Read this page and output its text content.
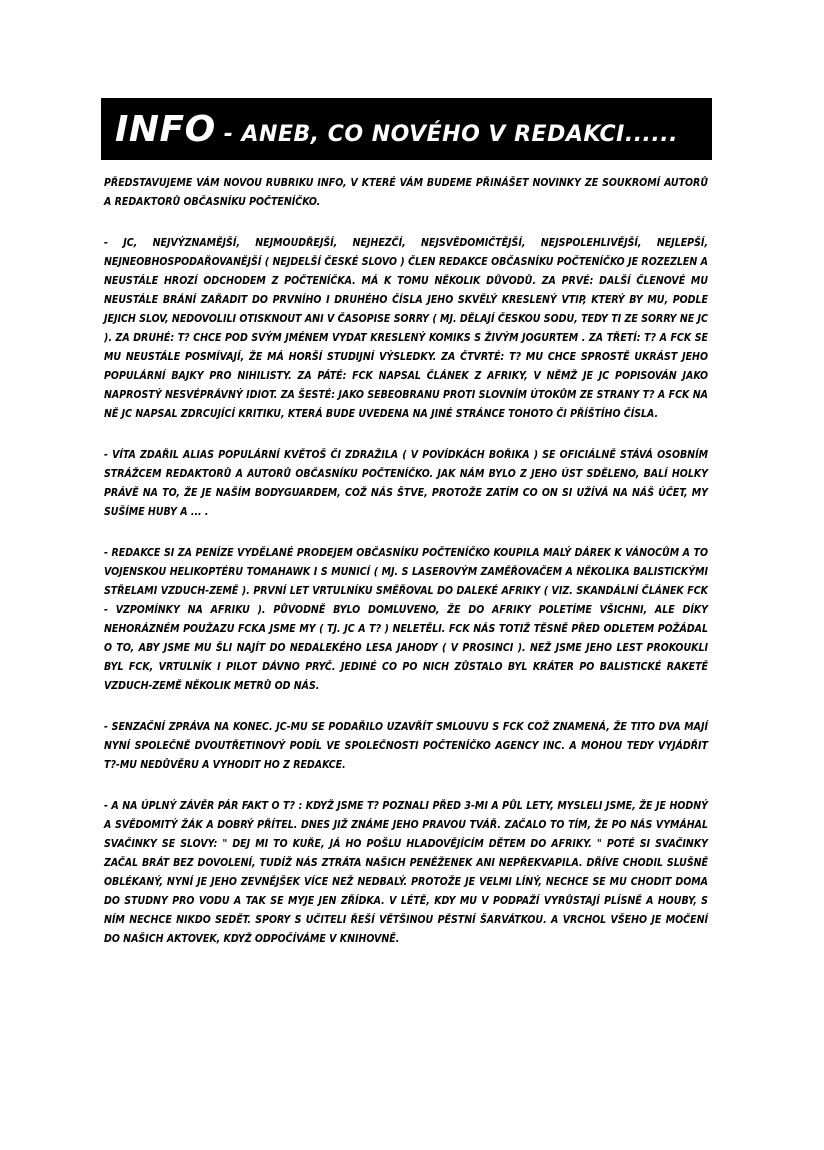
INFO - ANEB, CO NOVÉHO V REDAKCI......

PŘEDSTAVUJEME VÁM NOVOU RUBRIKU INFO, V KTERÉ VÁM BUDEME PŘINÁŠET NOVINKY ZE SOUKROMÍ AUTORŮ A REDAKTORŮ OBČASNÍKU POČTENÍČKO.

- JC, NEJVÝZNAMĚJŠÍ, NEJMOUDŘEJŠÍ, NEJHEZČÍ, NEJSVĚDOMIČTĚJŠÍ, NEJSPOLEHLIVĚJŠÍ, NEJLEPŠÍ, NEJNEOBHOSPODAŘOVANĚJŠÍ ( NEJDELŠÍ ČESKÉ SLOVO ) ČLEN REDAKCE OBČASNÍKU POČTENÍČKO JE ROZEZLEN A NEUSTÁLE HROZÍ ODCHODEM Z POČTENÍČKA. MÁ K TOMU NĚKOLIK DŮVODŮ. ZA PRVÉ: DALŠÍ ČLENOVÉ MU NEUSTÁLE BRÁNÍ ZAŘADIT DO PRVNÍHO I DRUHÉHO ČÍSLA JEHO SKVĚLÝ KRESLENÝ VTIP, KTERÝ BY MU, PODLE JEJICH SLOV, NEDOVOLILI OTISKNOUT ANI V ČASOPISE SORRY ( MJ. DĚLAJÍ ČESKOU SODU, TEDY TI ZE SORRY NE JC ). ZA DRUHÉ: T? CHCE POD SVÝM JMÉNEM VYDAT KRESLENÝ KOMIKS S ŽIVÝM JOGURTEM . ZA TŘETÍ: T? A FCK SE MU NEUSTÁLE POSMÍVAJÍ, ŽE MÁ HORŠÍ STUDIJNÍ VÝSLEDKY. ZA ČTVRTÉ: T? MU CHCE SPROSTĚ UKRÁST JEHO POPULÁRNÍ BAJKY PRO NIHILISTY. ZA PÁTÉ: FCK NAPSAL ČLÁNEK Z AFRIKY, V NĚMŽ JE JC POPISOVÁN JAKO NAPROSTÝ NESVÉPRÁVNÝ IDIOT. ZA ŠESTÉ: JAKO SEBEOBRANU PROTI SLOVNÍM ÚTOKŮM ZE STRANY T? A FCK NA NĚ JC NAPSAL ZDRCUJÍCÍ KRITIKU, KTERÁ BUDE UVEDENA NA JINÉ STRÁNCE TOHOTO ČI PŘÍŠTÍHO ČÍSLA.

- VÍTA ZDAŘIL ALIAS POPULÁRNÍ KVĚTOŠ ČI ZDRAŽILA ( V POVÍDKÁCH BOŘIKA ) SE OFICIÁLNĚ STÁVÁ OSOBNÍM STRÁŽCEM REDAKTORŮ A AUTORŮ OBČASNÍKU POČTENÍČKO. JAK NÁM BYLO Z JEHO ÚST SDĚLENO, BALÍ HOLKY PRÁVĚ NA TO, ŽE JE NAŠÍM BODYGUARDEM, COŽ NÁS ŠTVE, PROTOŽE ZATÍM CO ON SI UŽÍVÁ NA NÁŠ ÚČET, MY SUŠÍME HUBY A ... .

- REDAKCE SI ZA PENÍZE VYDĚLANÉ PRODEJEM OBČASNÍKU POČTENÍČKO KOUPILA MALÝ DÁREK K VÁNOCŮM A TO VOJENSKOU HELIKOPTÉRU TOMAHAWK I S MUNICÍ ( MJ. S LASEROVÝM ZAMĚŘOVAČEM A NĚKOLIKA BALISTICKÝMI STŘELAMI VZDUCH-ZEMĚ ). PRVNÍ LET VRTULNÍKU SMĚŘOVAL DO DALEKÉ AFRIKY ( VIZ. SKANDÁLNÍ ČLÁNEK FCK - VZPOMÍNKY NA AFRIKU ). PŮVODNĚ BYLO DOMLUVENO, ŽE DO AFRIKY POLETÍME VŠICHNI, ALE DÍKY NEHORÁZNÉM POUŽAZU FCKA JSME MY ( TJ. JC A T? ) NELETĚLI. FCK NÁS TOTIŽ TĚSNĚ PŘED ODLETEM POŽÁDAL O TO, ABY JSME MU ŠLI NAJÍT DO NEDALEKÉHO LESA JAHODY ( V PROSINCI ). NEŽ JSME JEHO LEST PROKOUKLI BYL FCK, VRTULNÍK I PILOT DÁVNO PRYČ. JEDINÉ CO PO NICH ZŮSTALO BYL KRÁTER PO BALISTICKÉ RAKETĚ VZDUCH-ZEMĚ NĚKOLIK METRŮ OD NÁS.

- SENZAČNÍ ZPRÁVA NA KONEC. JC-MU SE PODAŘILO UZAVŘÍT SMLOUVU S FCK COŽ ZNAMENÁ, ŽE TITO DVA MAJÍ NYNÍ SPOLEČNĚ DVOUTŘETINOVÝ PODÍL VE SPOLEČNOSTI POČTENÍČKO AGENCY INC. A MOHOU TEDY VYJÁDŘIT T?-MU NEDŮVĚRU A VYHODIT HO Z REDAKCE.

- A NA ÚPLNÝ ZÁVĚR PÁR FAKT O T? : KDYŽ JSME T? POZNALI PŘED 3-MI A PŮL LETY, MYSLELI JSME, ŽE JE HODNÝ A SVĚDOMITÝ ŽÁK A DOBRÝ PŘÍTEL. DNES JIŽ ZNÁME JEHO PRAVOU TVÁŘ. ZAČALO TO TÍM, ŽE PO NÁS VYMÁHAL SVAČINKY SE SLOVY: " DEJ MI TO KUŘE, JÁ HO POŠLU HLADOVĚJÍCÍM DĚTEM DO AFRIKY. " POTÉ SI SVAČINKY ZAČAL BRÁT BEZ DOVOLENÍ, TUDÍŽ NÁS ZTRÁTA NAŠICH PENĚŽENEK ANI NEPŘEKVAPILA. DŘÍVE CHODIL SLUŠNĚ OBLÉKANÝ, NYNÍ JE JEHO ZEVNĚJŠEK VÍCE NEŽ NEDBALÝ. PROTOŽE JE VELMI LÍNÝ, NECHCE SE MU CHODIT DOMA DO STUDNY PRO VODU A TAK SE MYJE JEN ZŘÍDKA. V LÉTĚ, KDY MU V PODPAŽÍ VYRŮSTAJÍ PLÍSNĚ A HOUBY, S NÍM NECHCE NIKDO SEDĚT. SPORY S UČITELI ŘEŠÍ VĚTŠINOU PĚSTNÍ ŠARVÁTKOU. A VRCHOL VŠEHO JE MOČENÍ DO NAŠICH AKTOVEK, KDYŽ ODPOČÍVÁME V KNIHOVNĚ.
